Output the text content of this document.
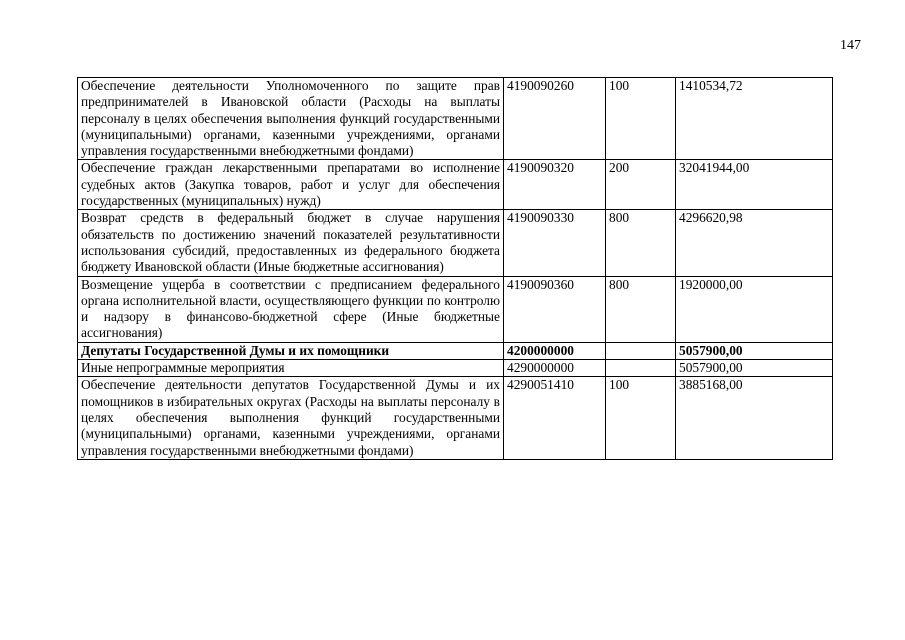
147
Обеспечение деятельности Уполномоченного по защите прав предпринимателей в Ивановской области (Расходы на выплаты персоналу в целях обеспечения выполнения функций государственными (муниципальными) органами, казенными учреждениями, органами управления государственными внебюджетными фондами)	4190090260	100	1410534,72
Обеспечение граждан лекарственными препаратами во исполнение судебных актов (Закупка товаров, работ и услуг для обеспечения государственных (муниципальных) нужд)	4190090320	200	32041944,00
Возврат средств в федеральный бюджет в случае нарушения обязательств по достижению значений показателей результативности использования субсидий, предоставленных из федерального бюджета бюджету Ивановской области (Иные бюджетные ассигнования)	4190090330	800	4296620,98
Возмещение ущерба в соответствии с предписанием федерального органа исполнительной власти, осуществляющего функции по контролю и надзору в финансово-бюджетной сфере (Иные бюджетные ассигнования)	4190090360	800	1920000,00
Депутаты Государственной Думы и их помощники	4200000000		5057900,00
Иные непрограммные мероприятия	4290000000		5057900,00
Обеспечение деятельности депутатов Государственной Думы и их помощников в избирательных округах (Расходы на выплаты персоналу в целях обеспечения выполнения функций государственными (муниципальными) органами, казенными учреждениями, органами управления государственными внебюджетными фондами)	4290051410	100	3885168,00
